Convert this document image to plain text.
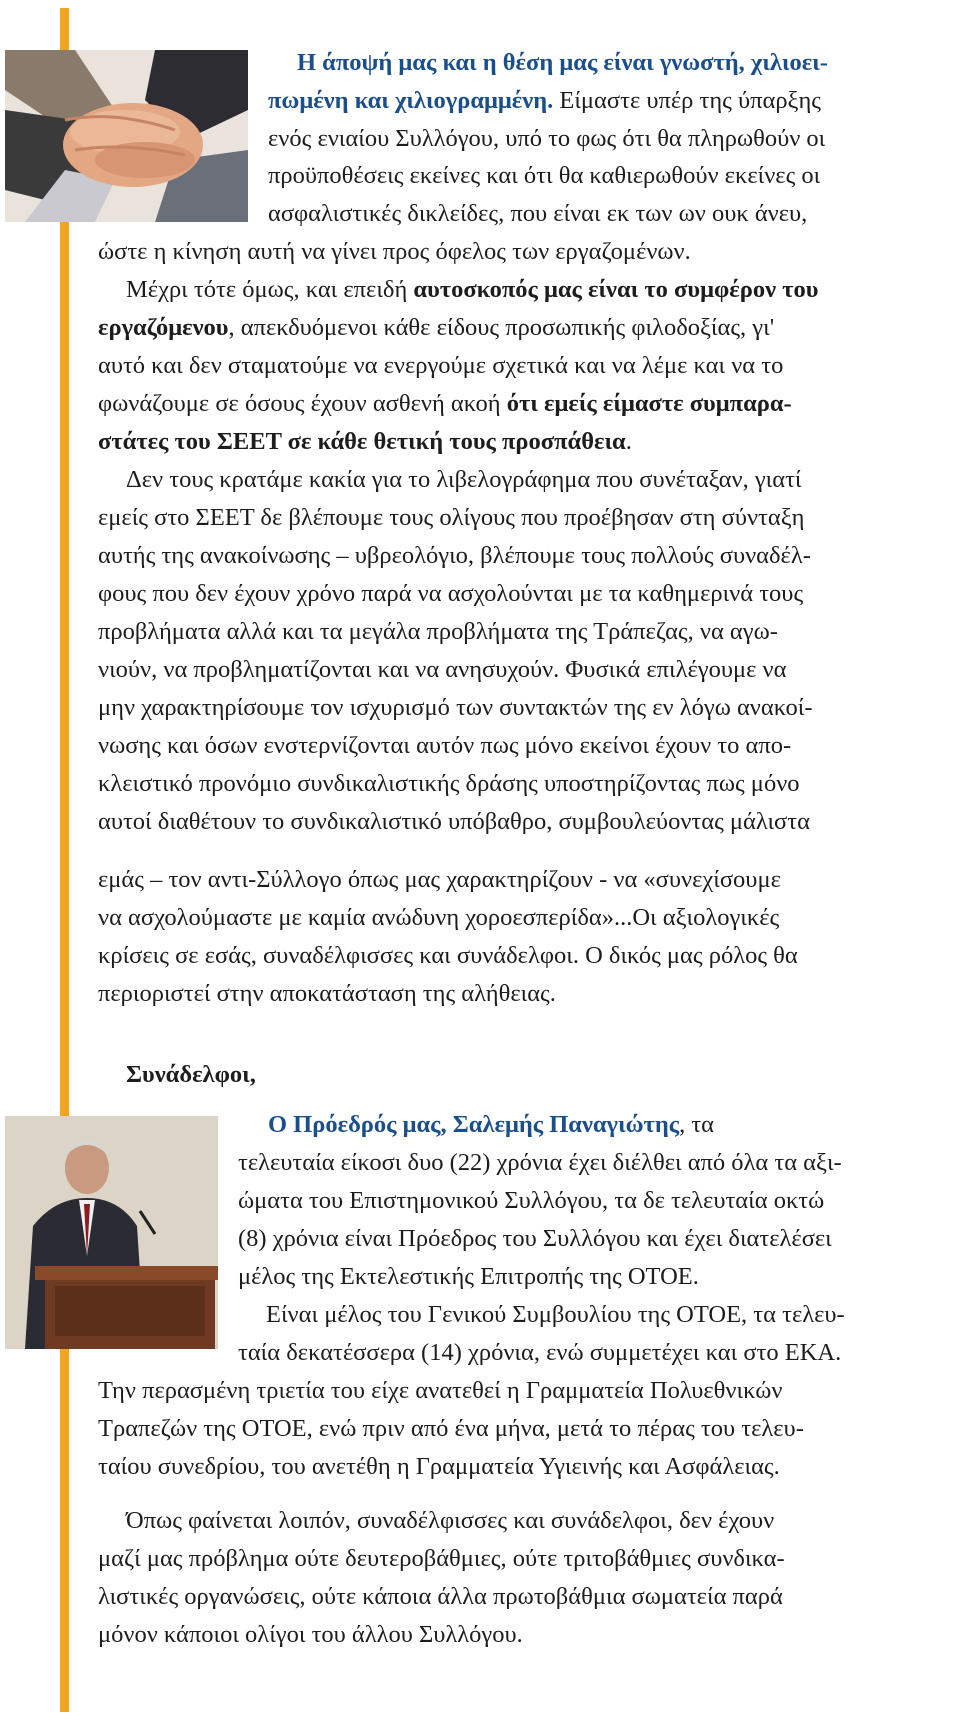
Η άποψή μας και η θέση μας είναι γνωστή, χιλιοει-
πωμένη και χιλιογραμμένη. Είμαστε υπέρ της ύπαρξης
ενός ενιαίου Συλλόγου, υπό το φως ότι θα πληρωθούν οι
προϋποθέσεις εκείνες και ότι θα καθιερωθούν εκείνες οι
ασφαλιστικές δικλείδες, που είναι εκ των ων ουκ άνευ,
ώστε η κίνηση αυτή να γίνει προς όφελος των εργαζομένων.
Μέχρι τότε όμως, και επειδή αυτοσκοπός μας είναι το συμφέρον του
εργαζόμενου, απεκδυόμενοι κάθε είδους προσωπικής φιλοδοξίας, γι'
αυτό και δεν σταματούμε να ενεργούμε σχετικά και να λέμε και να το
φωνάζουμε σε όσους έχουν ασθενή ακοή ότι εμείς είμαστε συμπαρα-
στάτες του ΣΕΕΤ σε κάθε θετική τους προσπάθεια.
Δεν τους κρατάμε κακία για το λιβελογράφημα που συνέταξαν, γιατί
εμείς στο ΣΕΕΤ δε βλέπουμε τους ολίγους που προέβησαν στη σύνταξη
αυτής της ανακοίνωσης – υβρεολόγιο, βλέπουμε τους πολλούς συναδέλ-
φους που δεν έχουν χρόνο παρά να ασχολούνται με τα καθημερινά τους
προβλήματα αλλά και τα μεγάλα προβλήματα της Τράπεζας, να αγω-
νιούν, να προβληματίζονται και να ανησυχούν. Φυσικά επιλέγουμε να
μην χαρακτηρίσουμε τον ισχυρισμό των συντακτών της εν λόγω ανακοί-
νωσης και όσων ενστερνίζονται αυτόν πως μόνο εκείνοι έχουν το απο-
κλειστικό προνόμιο συνδικαλιστικής δράσης υποστηρίζοντας πως μόνο
αυτοί διαθέτουν το συνδικαλιστικό υπόβαθρο, συμβουλεύοντας μάλιστα
εμάς – τον αντι-Σύλλογο όπως μας χαρακτηρίζουν - να «συνεχίσουμε
να ασχολούμαστε με καμία ανώδυνη χοροεσπερίδα»...Οι αξιολογικές
κρίσεις σε εσάς, συναδέλφισσες και συνάδελφοι. Ο δικός μας ρόλος θα
περιοριστεί στην αποκατάσταση της αλήθειας.
Συνάδελφοι,
Ο Πρόεδρός μας, Σαλεμής Παναγιώτης, τα
τελευταία είκοσι δυο (22) χρόνια έχει διέλθει από όλα τα αξι-
ώματα του Επιστημονικού Συλλόγου, τα δε τελευταία οκτώ
(8) χρόνια είναι Πρόεδρος του Συλλόγου και έχει διατελέσει
μέλος της Εκτελεστικής Επιτροπής της ΟΤΟΕ.
Είναι μέλος του Γενικού Συμβουλίου της ΟΤΟΕ, τα τελευ-
ταία δεκατέσσερα (14) χρόνια, ενώ συμμετέχει και στο ΕΚΑ.
Την περασμένη τριετία του είχε ανατεθεί η Γραμματεία Πολυεθνικών
Τραπεζών της ΟΤΟΕ, ενώ πριν από ένα μήνα, μετά το πέρας του τελευ-
ταίου συνεδρίου, του ανετέθη η Γραμματεία Υγιεινής και Ασφάλειας.
Όπως φαίνεται λοιπόν, συναδέλφισσες και συνάδελφοι, δεν έχουν
μαζί μας πρόβλημα ούτε δευτεροβάθμιες, ούτε τριτοβάθμιες συνδικα-
λιστικές οργανώσεις, ούτε κάποια άλλα πρωτοβάθμια σωματεία παρά
μόνον κάποιοι ολίγοι του άλλου Συλλόγου.
